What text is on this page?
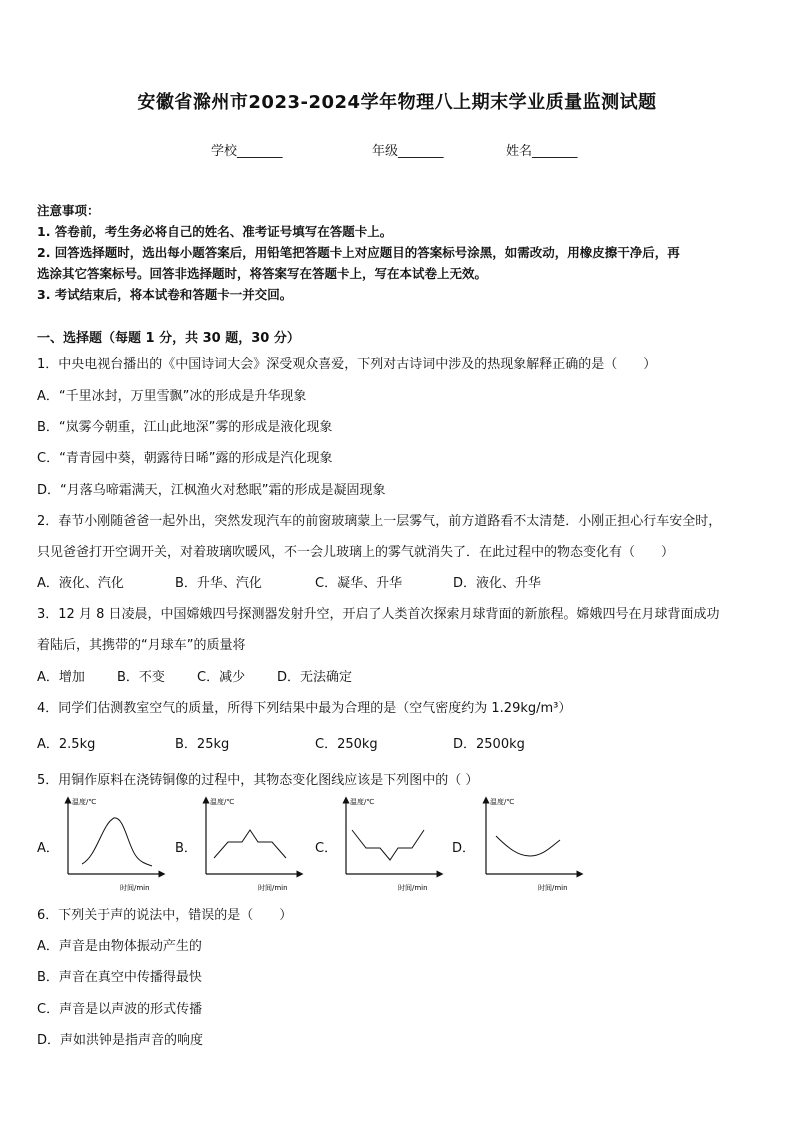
安徽省滁州市2023-2024学年物理八上期末学业质量监测试题
学校_______	年级_______	姓名_______
注意事项：
1. 答卷前，考生务必将自己的姓名、准考证号填写在答题卡上。
2. 回答选择题时，选出每小题答案后，用铅笔把答题卡上对应题目的答案标号涂黑，如需改动，用橡皮擦干净后，再
选涂其它答案标号。回答非选择题时，将答案写在答题卡上，写在本试卷上无效。
3. 考试结束后，将本试卷和答题卡一并交回。
一、选择题（每题 1 分，共 30 题，30 分）
1．中央电视台播出的《中国诗词大会》深受观众喜爱，下列对古诗词中涉及的热现象解释正确的是（　　）
A．“千里冰封，万里雪飘”冰的形成是升华现象
B．“岚雾今朝重，江山此地深”雾的形成是液化现象
C．“青青园中葵，朝露待日晞”露的形成是汽化现象
D．“月落乌啼霜满天，江枫渔火对愁眠”霜的形成是凝固现象
2．春节小刚随爸爸一起外出，突然发现汽车的前窗玻璃蒙上一层雾气，前方道路看不太清楚．小刚正担心行车安全时，
只见爸爸打开空调开关，对着玻璃吹暖风，不一会儿玻璃上的雾气就消失了．在此过程中的物态变化有（　　）
A．液化、汽化	B．升华、汽化	C．凝华、升华	D．液化、升华
3．12 月 8 日凌晨，中国嫦娥四号探测器发射升空，开启了人类首次探索月球背面的新旅程。嫦娥四号在月球背面成功
着陆后，其携带的“月球车”的质量将
A．增加 B．不变 C．减少 D．无法确定
4．同学们估测教室空气的质量，所得下列结果中最为合理的是（空气密度约为 1.29kg/m³）
A．2.5kg	B．25kg	C．250kg	D．2500kg
5．用铜作原料在浇铸铜像的过程中，其物态变化图线应该是下列图中的（ ）
A．	B．	C．	D．
温度/℃
时间/min
温度/℃
时间/min
温度/℃
时间/min
温度/℃
时间/min
6．下列关于声的说法中，错误的是（　　）
A．声音是由物体振动产生的
B．声音在真空中传播得最快
C．声音是以声波的形式传播
D．声如洪钟是指声音的响度
